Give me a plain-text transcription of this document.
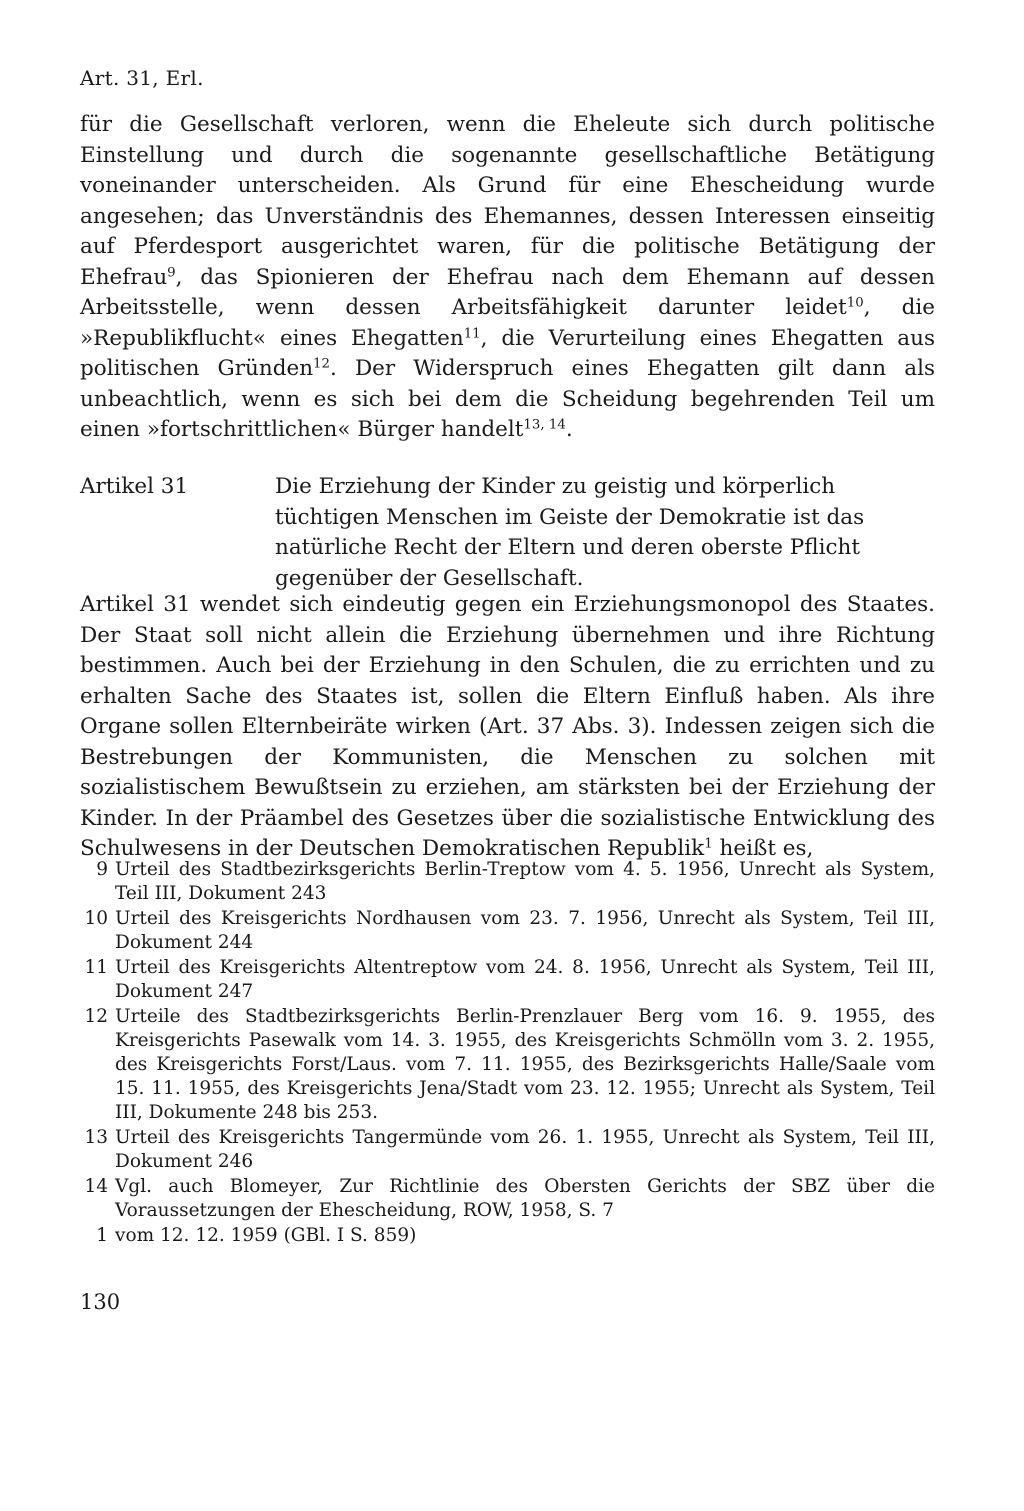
Art. 31, Erl.

für die Gesellschaft verloren, wenn die Eheleute sich durch politische Einstellung und durch die sogenannte gesellschaftliche Betätigung voneinander unterscheiden. Als Grund für eine Ehescheidung wurde angesehen; das Unverständnis des Ehemannes, dessen Interessen einseitig auf Pferdesport ausgerichtet waren, für die politische Betätigung der Ehefrau$^9$, das Spionieren der Ehefrau nach dem Ehemann auf dessen Arbeitsstelle, wenn dessen Arbeitsfähigkeit darunter leidet$^{10}$, die »Republikflucht« eines Ehegatten$^{11}$, die Verurteilung eines Ehegatten aus politischen Gründen$^{12}$. Der Widerspruch eines Ehegatten gilt dann als unbeachtlich, wenn es sich bei dem die Scheidung begehrenden Teil um einen »fortschrittlichen« Bürger handelt$^{13, 14}$.

Artikel 31	Die Erziehung der Kinder zu geistig und körperlich tüchtigen Menschen im Geiste der Demokratie ist das natürliche Recht der Eltern und deren oberste Pflicht gegenüber der Gesellschaft.
Artikel 31 wendet sich eindeutig gegen ein Erziehungsmonopol des Staates. Der Staat soll nicht allein die Erziehung übernehmen und ihre Richtung bestimmen. Auch bei der Erziehung in den Schulen, die zu errichten und zu erhalten Sache des Staates ist, sollen die Eltern Einfluß haben. Als ihre Organe sollen Elternbeiräte wirken (Art. 37 Abs. 3). Indessen zeigen sich die Bestrebungen der Kommunisten, die Menschen zu solchen mit sozialistischem Bewußtsein zu erziehen, am stärksten bei der Erziehung der Kinder. In der Präambel des Gesetzes über die sozialistische Entwicklung des Schulwesens in der Deutschen Demokratischen Republik$^1$ heißt es,
9 Urteil des Stadtbezirksgerichts Berlin-Treptow vom 4. 5. 1956, Unrecht als System, Teil III, Dokument 243
10 Urteil des Kreisgerichts Nordhausen vom 23. 7. 1956, Unrecht als System, Teil III, Dokument 244
11 Urteil des Kreisgerichts Altentreptow vom 24. 8. 1956, Unrecht als System, Teil III, Dokument 247
12 Urteile des Stadtbezirksgerichts Berlin-Prenzlauer Berg vom 16. 9. 1955, des Kreisgerichts Pasewalk vom 14. 3. 1955, des Kreisgerichts Schmölln vom 3. 2. 1955, des Kreisgerichts Forst/Laus. vom 7. 11. 1955, des Bezirksgerichts Halle/Saale vom 15. 11. 1955, des Kreisgerichts Jena/Stadt vom 23. 12. 1955; Unrecht als System, Teil III, Dokumente 248 bis 253.
13 Urteil des Kreisgerichts Tangermünde vom 26. 1. 1955, Unrecht als System, Teil III, Dokument 246
14 Vgl. auch Blomeyer, Zur Richtlinie des Obersten Gerichts der SBZ über die Voraussetzungen der Ehescheidung, ROW, 1958, S. 7
1 vom 12. 12. 1959 (GBl. I S. 859)
130
